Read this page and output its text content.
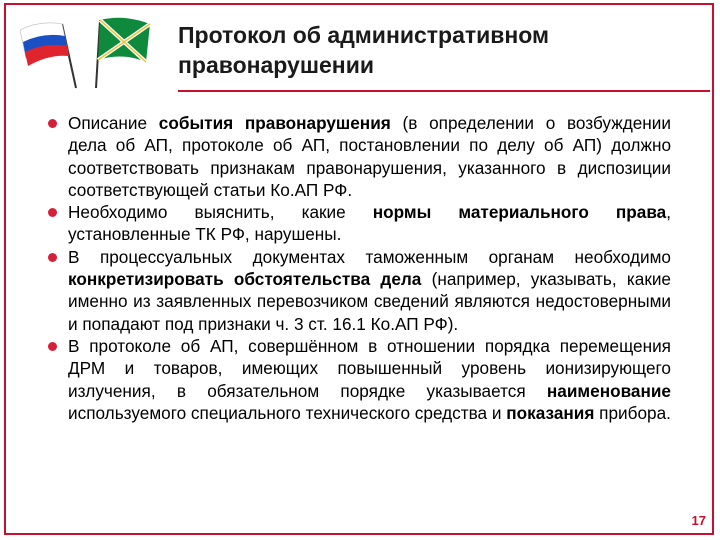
Протокол об административном правонарушении
Описание события правонарушения (в определении о возбуждении дела об АП, протоколе об АП, постановлении по делу об АП) должно соответствовать признакам правонарушения, указанного в диспозиции соответствующей статьи Ко.АП РФ.
Необходимо выяснить, какие нормы материального права, установленные ТК РФ, нарушены.
В процессуальных документах таможенным органам необходимо конкретизировать обстоятельства дела (например, указывать, какие именно из заявленных перевозчиком сведений являются недостоверными и попадают под признаки ч. 3 ст. 16.1 Ко.АП РФ).
В протоколе об АП, совершённом в отношении порядка перемещения ДРМ и товаров, имеющих повышенный уровень ионизирующего излучения, в обязательном порядке указывается наименование используемого специального технического средства и показания прибора.
17
